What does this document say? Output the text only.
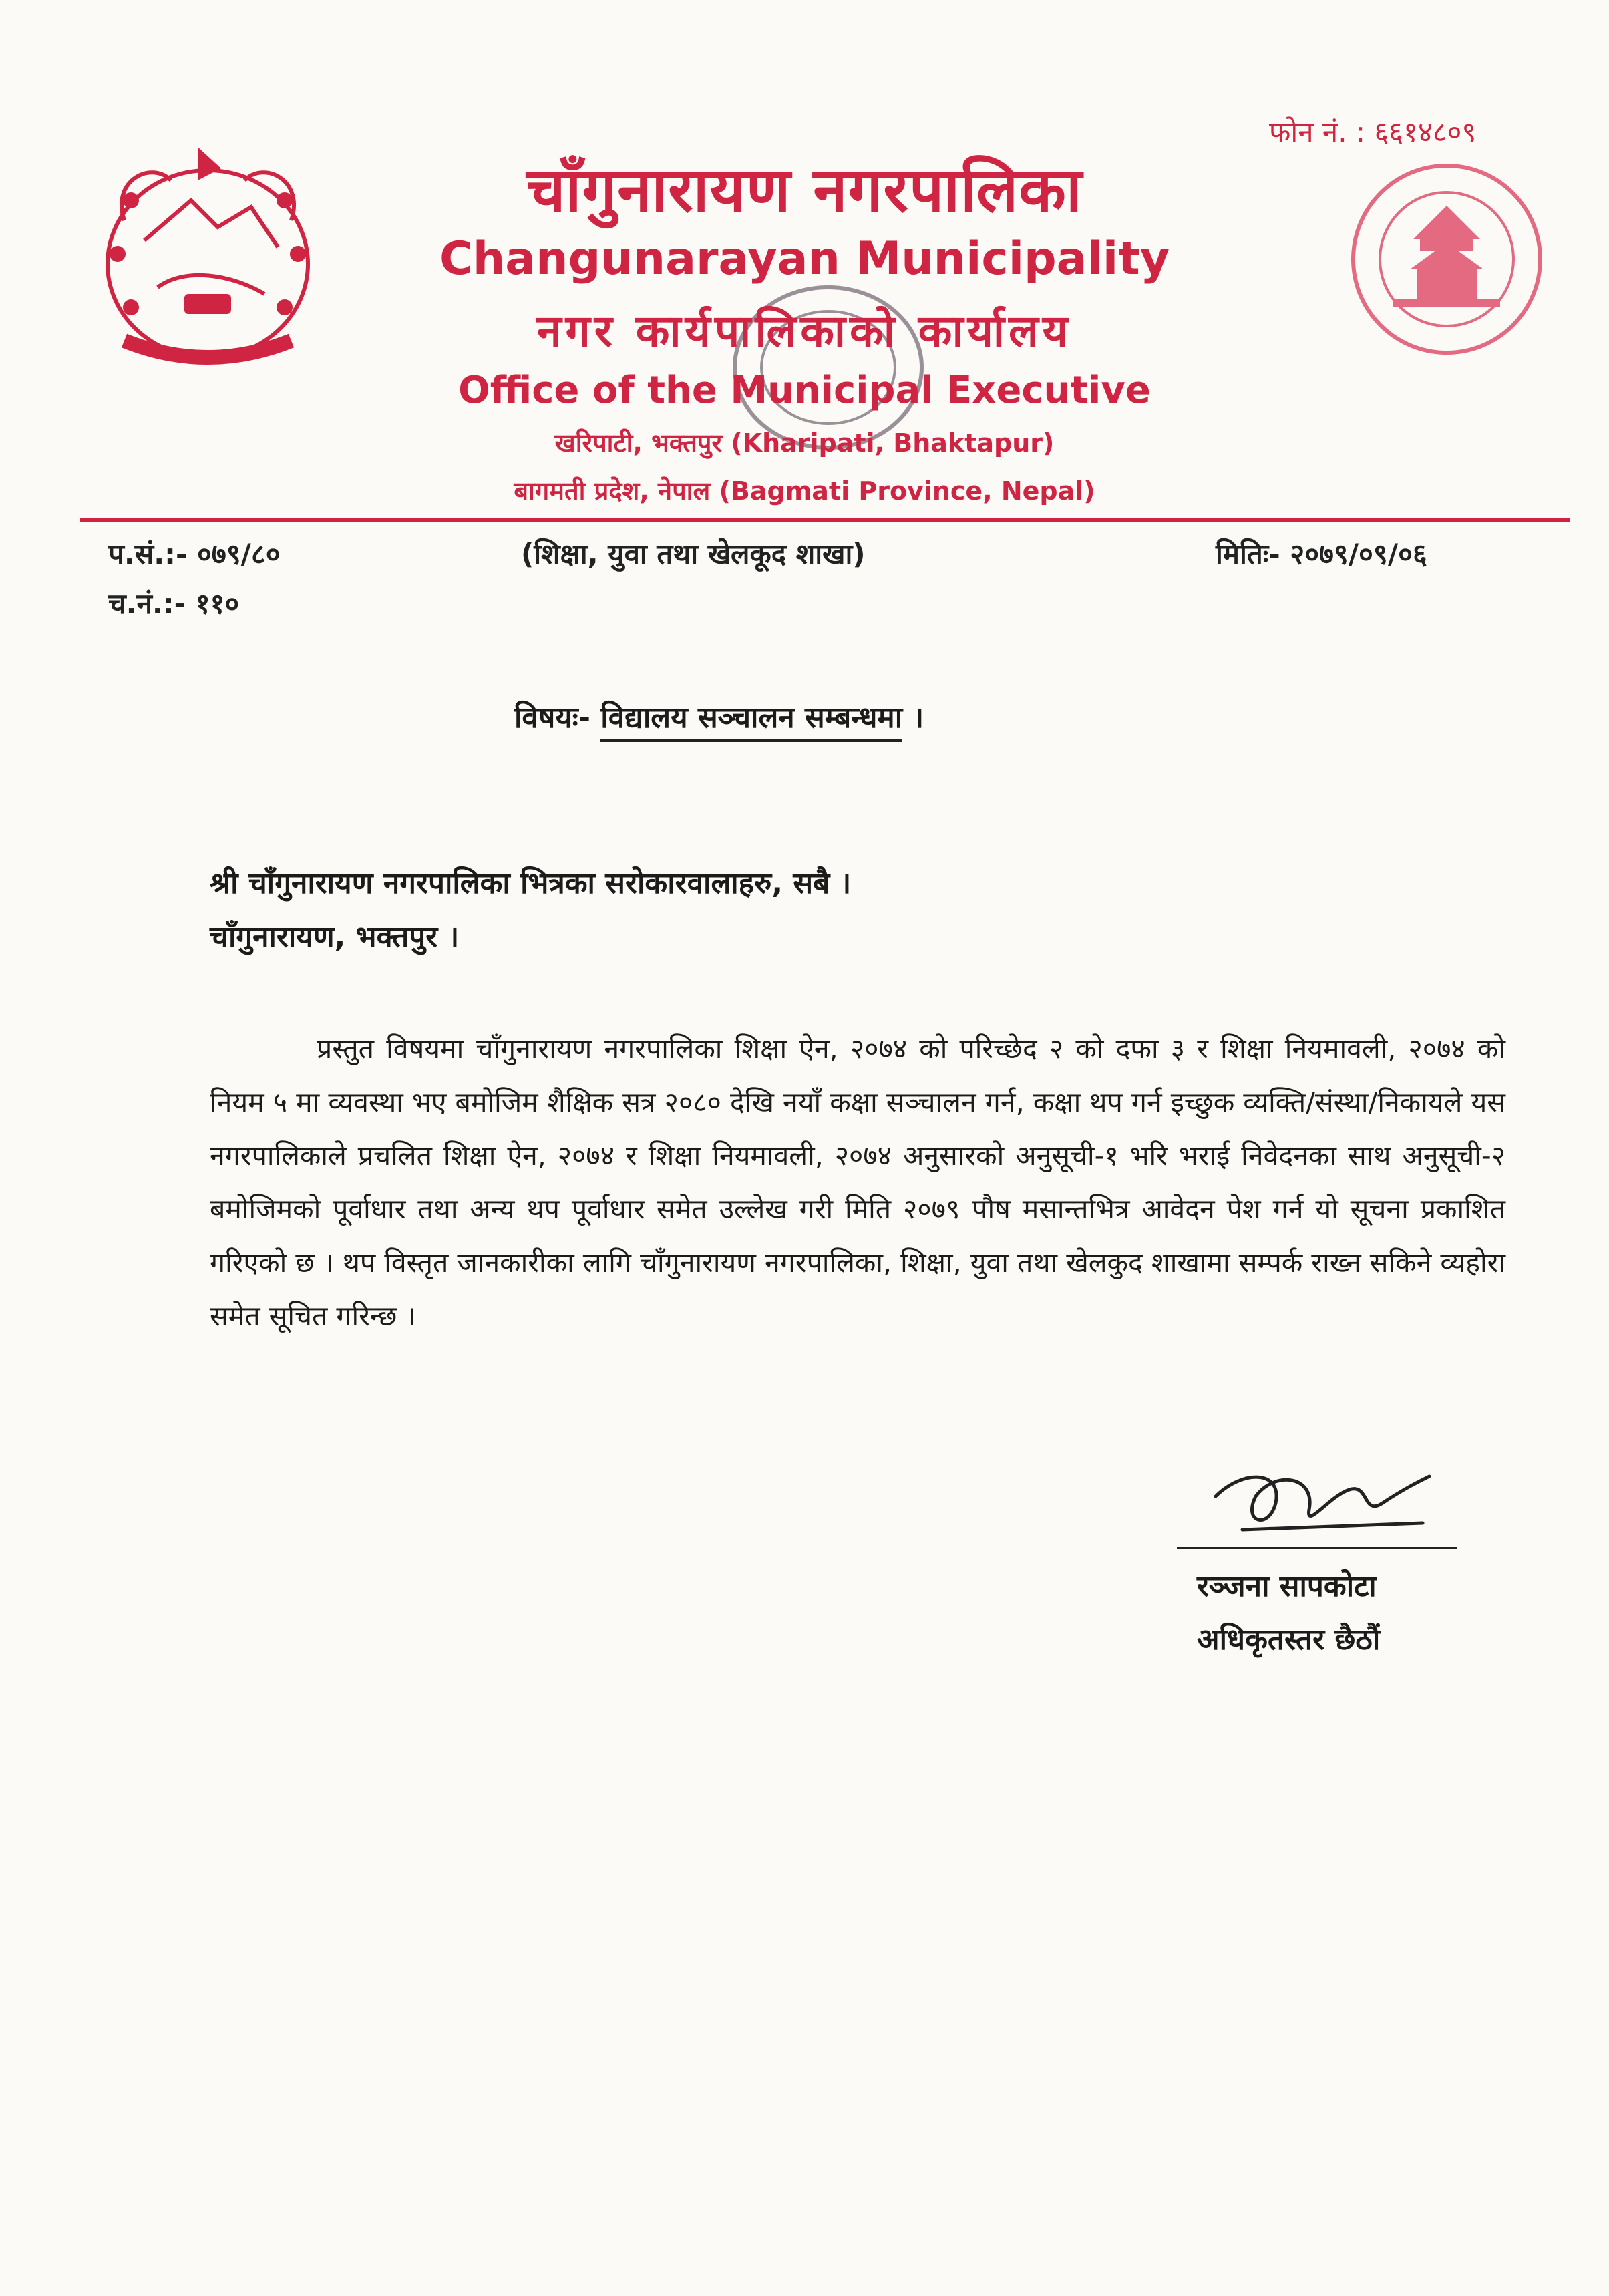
फोन नं. : ६६१४८०९
चाँगुनारायण नगरपालिका
Changunarayan Municipality
नगर कार्यपालिकाको कार्यालय
Office of the Municipal Executive
खरिपाटी, भक्तपुर (Kharipati, Bhaktapur)
बागमती प्रदेश, नेपाल (Bagmati Province, Nepal)
प.सं.:- ०७९/८०
च.नं.:- ११०
(शिक्षा, युवा तथा खेलकूद शाखा)	मितिः- २०७९/०९/०६
विषयः- विद्यालय सञ्चालन सम्बन्धमा ।
श्री चाँगुनारायण नगरपालिका भित्रका सरोकारवालाहरु, सबै ।
चाँगुनारायण, भक्तपुर ।
प्रस्तुत विषयमा चाँगुनारायण नगरपालिका शिक्षा ऐन, २०७४ को परिच्छेद २ को दफा ३ र शिक्षा नियमावली, २०७४ को नियम ५ मा व्यवस्था भए बमोजिम शैक्षिक सत्र २०८० देखि नयाँ कक्षा सञ्चालन गर्न, कक्षा थप गर्न इच्छुक व्यक्ति/संस्था/निकायले यस नगरपालिकाले प्रचलित शिक्षा ऐन, २०७४ र शिक्षा नियमावली, २०७४ अनुसारको अनुसूची-१ भरि भराई निवेदनका साथ अनुसूची-२ बमोजिमको पूर्वाधार तथा अन्य थप पूर्वाधार समेत उल्लेख गरी मिति २०७९ पौष मसान्तभित्र आवेदन पेश गर्न यो सूचना प्रकाशित गरिएको छ । थप विस्तृत जानकारीका लागि चाँगुनारायण नगरपालिका, शिक्षा, युवा तथा खेलकुद शाखामा सम्पर्क राख्न सकिने व्यहोरा समेत सूचित गरिन्छ ।
रञ्जना सापकोटा
अधिकृतस्तर छैठौं
